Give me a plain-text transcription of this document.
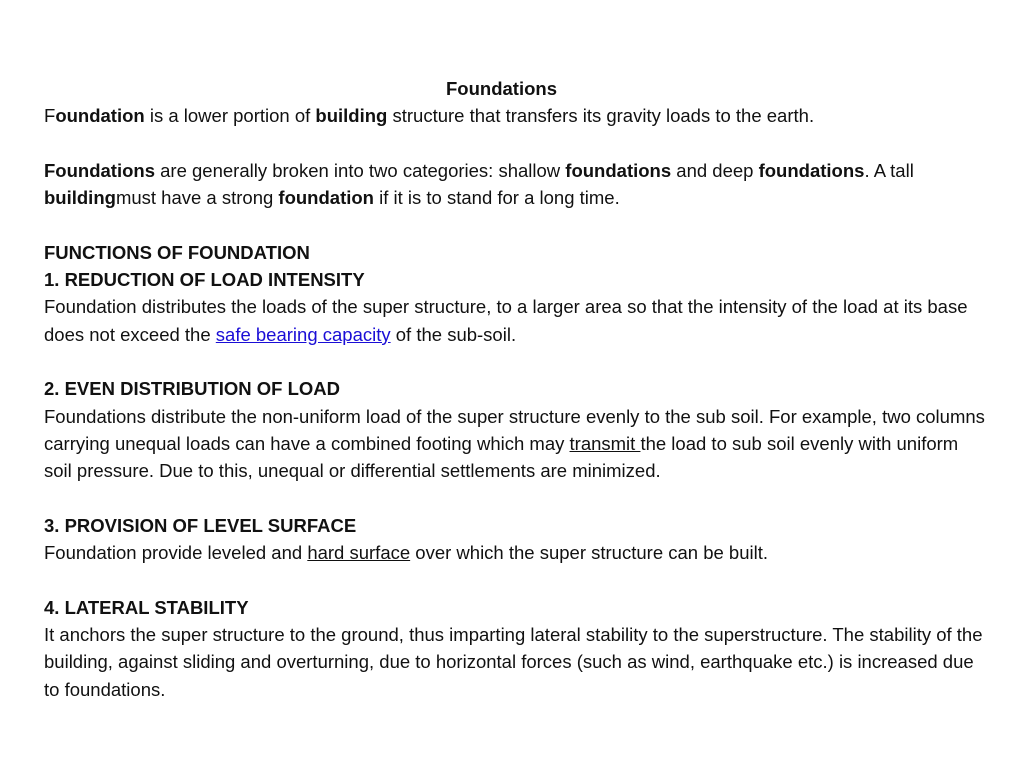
Foundations

Foundation is a lower portion of building structure that transfers its gravity loads to the earth.

Foundations are generally broken into two categories: shallow foundations and deep foundations. A tall buildingmust have a strong foundation if it is to stand for a long time.

FUNCTIONS OF FOUNDATION
1. REDUCTION OF LOAD INTENSITY

Foundation distributes the loads of the super structure, to a larger area so that the intensity of the load at its base does not exceed the safe bearing capacity of the sub-soil.

2. EVEN DISTRIBUTION OF LOAD

Foundations distribute the non-uniform load of the super structure evenly to the sub soil. For example, two columns carrying unequal loads can have a combined footing which may transmit the load to sub soil evenly with uniform soil pressure. Due to this, unequal or differential settlements are minimized.

3. PROVISION OF LEVEL SURFACE

Foundation provide leveled and hard surface over which the super structure can be built.

4. LATERAL STABILITY

It anchors the super structure to the ground, thus imparting lateral stability to the superstructure. The stability of the building, against sliding and overturning, due to horizontal forces (such as wind, earthquake etc.) is increased due to foundations.
